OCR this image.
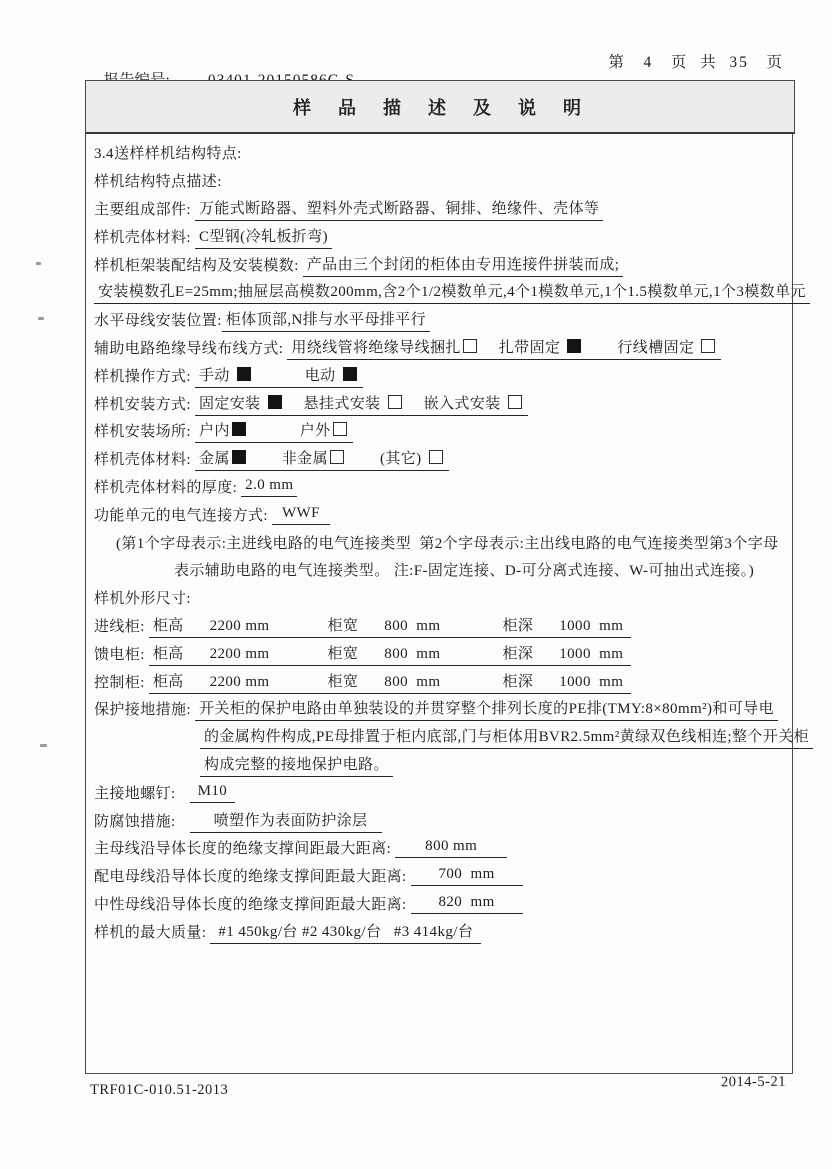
第   4   页  共  35   页

样  品  描  述  及  说  明
3.4送样样机结构特点:
样机结构特点描述:
主要组成部件: 万能式断路器、塑料外壳式断路器、铜排、绝缘件、壳体等
样机壳体材料: C型钢(冷轧板折弯)
样机柜架装配结构及安装模数: 产品由三个封闭的柜体由专用连接件拼装而成;
安装模数孔E=25mm;抽屉层高模数200mm,含2个1/2模数单元,4个1模数单元,1个1.5模数单元,1个3模数单元
水平母线安装位置: 柜体顶部,N排与水平母排平行
辅助电路绝缘导线布线方式: 用绕线管将绝缘导线捆扎	扎带固定	行线槽固定
样机操作方式: 手动	电动
样机安装方式: 固定安装	悬挂式安装	嵌入式安装
样机安装场所: 户内	户外
样机壳体材料: 金属	非金属	(其它)
样机壳体材料的厚度: 2.0 mm
功能单元的电气连接方式: WWF
(第1个字母表示:主进线电路的电气连接类型  第2个字母表示:主出线电路的电气连接类型第3个字母
表示辅助电路的电气连接类型。 注:F-固定连接、D-可分离式连接、W-可抽出式连接。)
样机外形尺寸:
进线柜: 柜高 2200 mm	柜宽 800  mm	柜深 1000  mm
馈电柜: 柜高 2200 mm	柜宽 800  mm	柜深 1000  mm
控制柜: 柜高 2200 mm	柜宽 800  mm	柜深 1000  mm
保护接地措施: 开关柜的保护电路由单独装设的并贯穿整个排列长度的PE排(TMY:8×80mm²)和可导电
的金属构件构成,PE母排置于柜内底部,门与柜体用BVR2.5mm²黄绿双色线相连;整个开关柜
构成完整的接地保护电路。
主接地螺钉:	M10
防腐蚀措施:	喷塑作为表面防护涂层
主母线沿导体长度的绝缘支撑间距最大距离:	800 mm
配电母线沿导体长度的绝缘支撑间距最大距离:	700  mm
中性母线沿导体长度的绝缘支撑间距最大距离:	820  mm
样机的最大质量: #1 450kg/台 #2 430kg/台   #3 414kg/台
TRF01C-010.51-2013	2014-5-21
